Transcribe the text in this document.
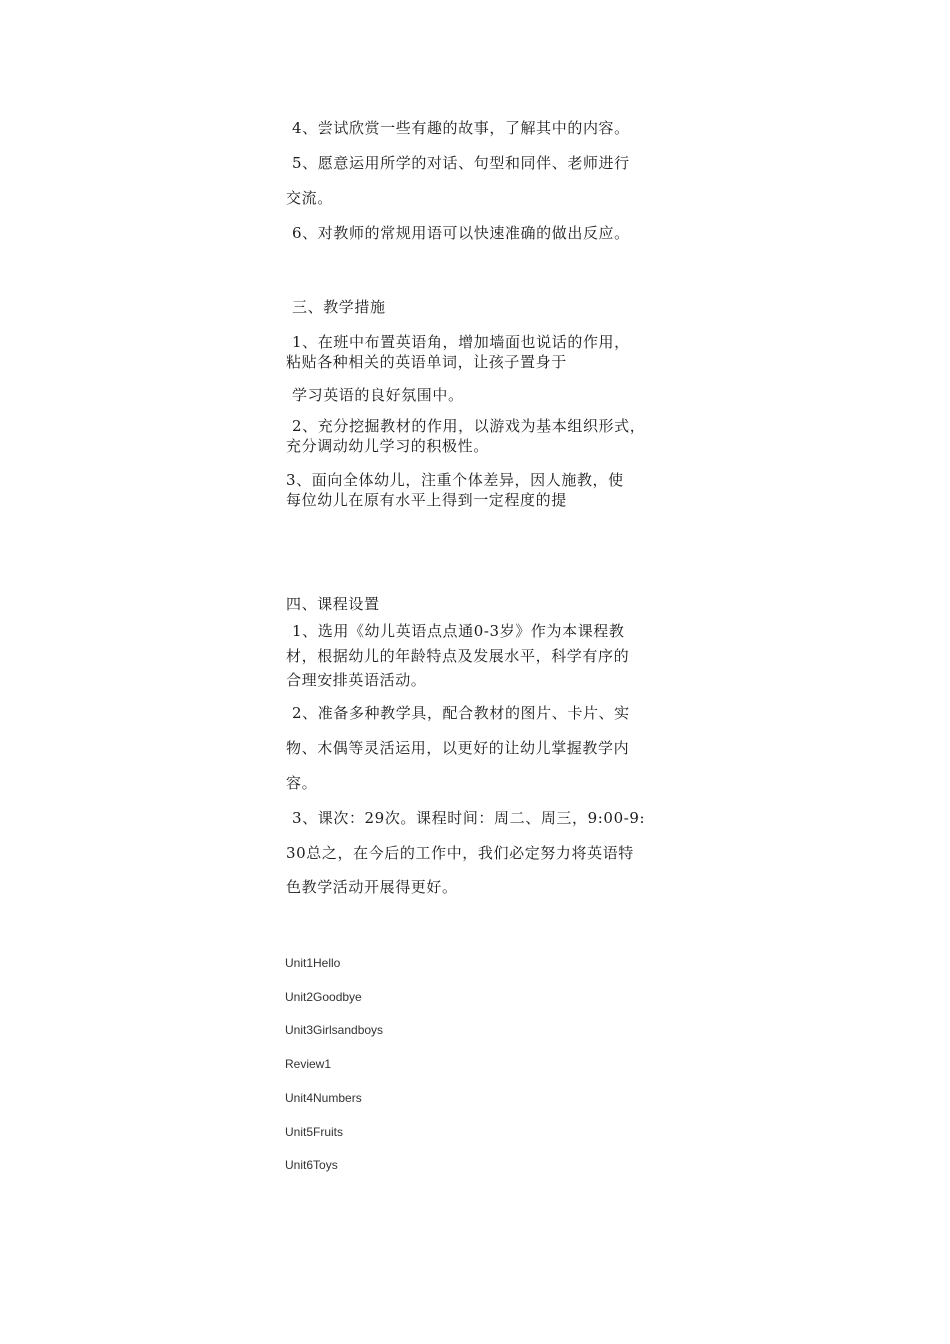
4、尝试欣赏一些有趣的故事，了解其中的内容。
5、愿意运用所学的对话、句型和同伴、老师进行
交流。
6、对教师的常规用语可以快速准确的做出反应。
三、教学措施
1、在班中布置英语角，增加墙面也说话的作用，
粘贴各种相关的英语单词，让孩子置身于
学习英语的良好氛围中。
2、充分挖掘教材的作用，以游戏为基本组织形式，
充分调动幼儿学习的积极性。
3、面向全体幼儿，注重个体差异，因人施教，使
每位幼儿在原有水平上得到一定程度的提
四、课程设置
1、选用《幼儿英语点点通0-3岁》作为本课程教
材，根据幼儿的年龄特点及发展水平，科学有序的
合理安排英语活动。
2、准备多种教学具，配合教材的图片、卡片、实
物、木偶等灵活运用，以更好的让幼儿掌握教学内
容。
3、课次：29次。课程时间：周二、周三，9:00-9:
30总之，在今后的工作中，我们必定努力将英语特
色教学活动开展得更好。
Unit1Hello
Unit2Goodbye
Unit3Girlsandboys
Review1
Unit4Numbers
Unit5Fruits
Unit6Toys
